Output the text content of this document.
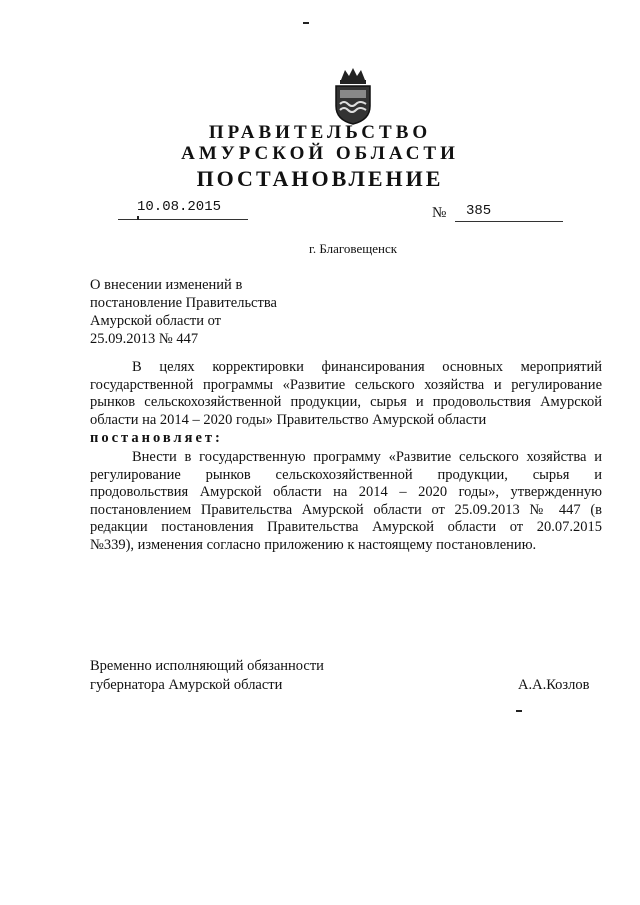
ПРАВИТЕЛЬСТВО
АМУРСКОЙ ОБЛАСТИ
ПОСТАНОВЛЕНИЕ
10.08.2015	№ 385
г. Благовещенск
О внесении изменений в
постановление Правительства
Амурской области от
25.09.2013 № 447
В целях корректировки финансирования основных мероприятий
государственной программы «Развитие сельского хозяйства и регулирование
рынков сельскохозяйственной продукции, сырья и продовольствия Амурской
области на 2014 – 2020 годы» Правительство Амурской области
постановляет:
Внести в государственную программу «Развитие сельского хозяйства и
регулирование рынков сельскохозяйственной продукции, сырья и
продовольствия Амурской области на 2014 – 2020 годы», утвержденную
постановлением Правительства Амурской области от 25.09.2013 № 447 (в
редакции постановления Правительства Амурской области от 20.07.2015
№339), изменения согласно приложению к настоящему постановлению.
Временно исполняющий обязанности
губернатора Амурской области	А.А.Козлов
